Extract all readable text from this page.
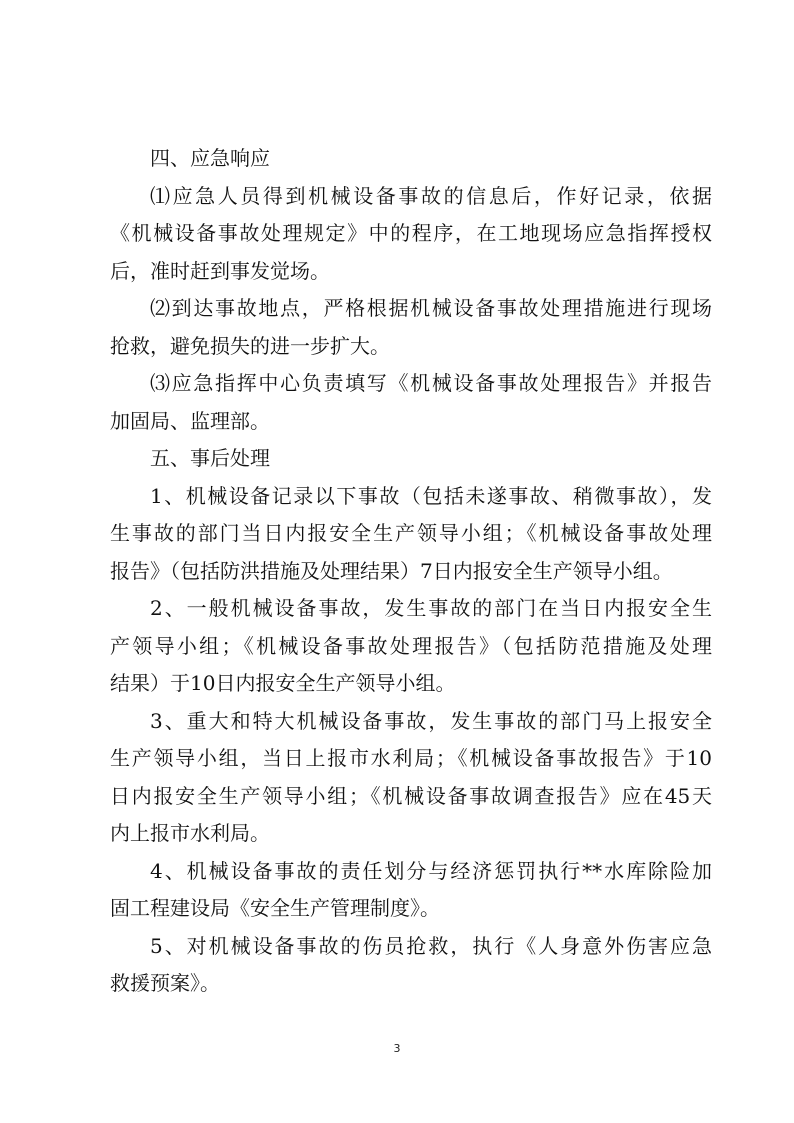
四、应急响应
⑴应急人员得到机械设备事故的信息后，作好记录，依据
《机械设备事故处理规定》中的程序，在工地现场应急指挥授权
后，准时赶到事发觉场。
⑵到达事故地点，严格根据机械设备事故处理措施进行现场
抢救，避免损失的进一步扩大。
⑶应急指挥中心负责填写《机械设备事故处理报告》并报告
加固局、监理部。
五、事后处理
1、机械设备记录以下事故（包括未遂事故、稍微事故），发
生事故的部门当日内报安全生产领导小组；《机械设备事故处理
报告》（包括防洪措施及处理结果）7日内报安全生产领导小组。
2、一般机械设备事故，发生事故的部门在当日内报安全生
产领导小组；《机械设备事故处理报告》（包括防范措施及处理
结果）于10日内报安全生产领导小组。
3、重大和特大机械设备事故，发生事故的部门马上报安全
生产领导小组，当日上报市水利局；《机械设备事故报告》于10
日内报安全生产领导小组；《机械设备事故调查报告》应在45天
内上报市水利局。
4、机械设备事故的责任划分与经济惩罚执行**水库除险加
固工程建设局《安全生产管理制度》。
5、对机械设备事故的伤员抢救，执行《人身意外伤害应急
救援预案》。
3
